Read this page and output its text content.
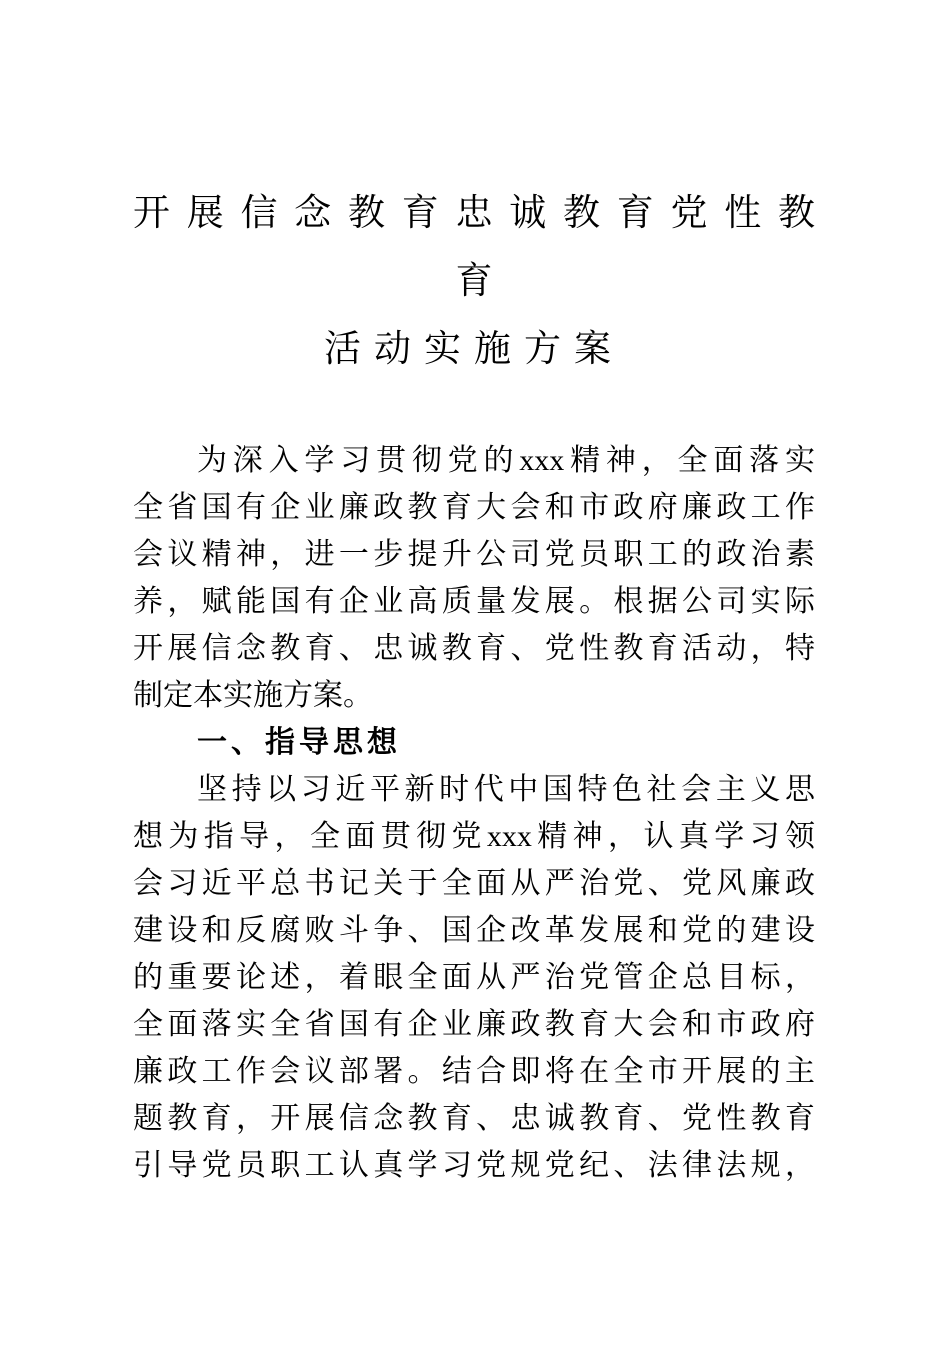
开展信念教育忠诚教育党性教
育
活动实施方案
为深入学习贯彻党的xxx精神，全面落实
全省国有企业廉政教育大会和市政府廉政工作
会议精神，进一步提升公司党员职工的政治素
养，赋能国有企业高质量发展。根据公司实际
开展信念教育、忠诚教育、党性教育活动，特
制定本实施方案。
一、指导思想
坚持以习近平新时代中国特色社会主义思
想为指导，全面贯彻党xxx精神，认真学习领
会习近平总书记关于全面从严治党、党风廉政
建设和反腐败斗争、国企改革发展和党的建设
的重要论述，着眼全面从严治党管企总目标，
全面落实全省国有企业廉政教育大会和市政府
廉政工作会议部署。结合即将在全市开展的主
题教育，开展信念教育、忠诚教育、党性教育
引导党员职工认真学习党规党纪、法律法规，
